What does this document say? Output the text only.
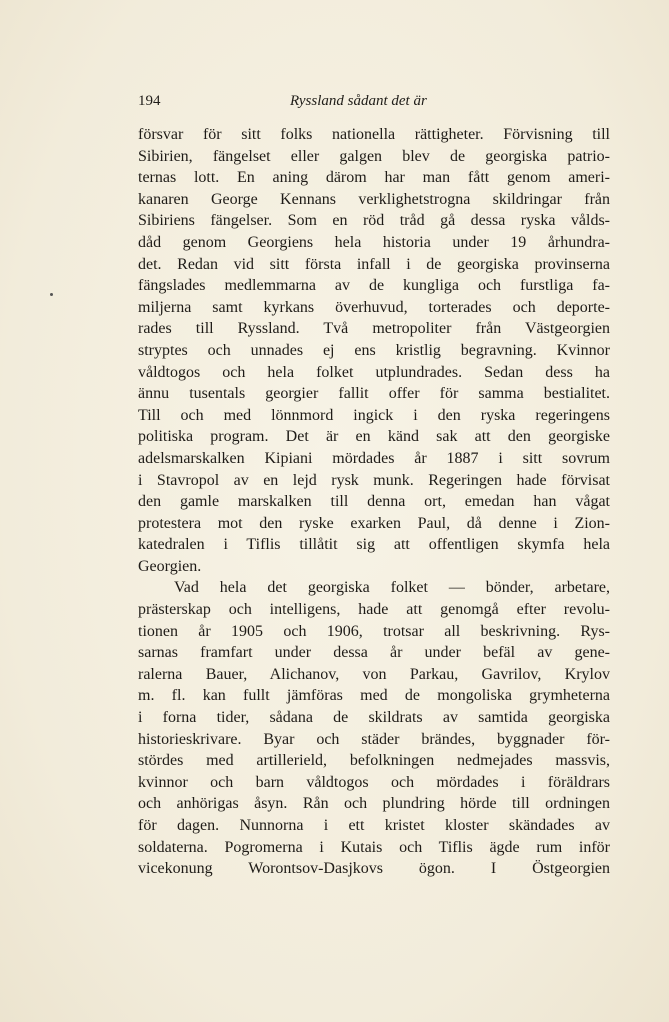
194	Ryssland sådant det är
försvar för sitt folks nationella rättigheter. Förvisning till
Sibirien, fängelset eller galgen blev de georgiska patrio-
ternas lott. En aning därom har man fått genom ameri-
kanaren George Kennans verklighetstrogna skildringar från
Sibiriens fängelser. Som en röd tråd gå dessa ryska vålds-
dåd genom Georgiens hela historia under 19 århundra-
det. Redan vid sitt första infall i de georgiska provinserna
fängslades medlemmarna av de kungliga och furstliga fa-
miljerna samt kyrkans överhuvud, torterades och deporte-
rades till Ryssland. Två metropoliter från Västgeorgien
stryptes och unnades ej ens kristlig begravning. Kvinnor
våldtogos och hela folket utplundrades. Sedan dess ha
ännu tusentals georgier fallit offer för samma bestialitet.
Till och med lönnmord ingick i den ryska regeringens
politiska program. Det är en känd sak att den georgiske
adelsmarskalken Kipiani mördades år 1887 i sitt sovrum
i Stavropol av en lejd rysk munk. Regeringen hade förvisat
den gamle marskalken till denna ort, emedan han vågat
protestera mot den ryske exarken Paul, då denne i Zion-
katedralen i Tiflis tillåtit sig att offentligen skymfa hela
Georgien.
Vad hela det georgiska folket — bönder, arbetare,
prästerskap och intelligens, hade att genomgå efter revolu-
tionen år 1905 och 1906, trotsar all beskrivning. Rys-
sarnas framfart under dessa år under befäl av gene-
ralerna Bauer, Alichanov, von Parkau, Gavrilov, Krylov
m. fl. kan fullt jämföras med de mongoliska grymheterna
i forna tider, sådana de skildrats av samtida georgiska
historieskrivare. Byar och städer brändes, byggnader för-
stördes med artillerield, befolkningen nedmejades massvis,
kvinnor och barn våldtogos och mördades i föräldrars
och anhörigas åsyn. Rån och plundring hörde till ordningen
för dagen. Nunnorna i ett kristet kloster skändades av
soldaterna. Pogromerna i Kutais och Tiflis ägde rum inför
vicekonung Worontsov-Dasjkovs ögon. I Östgeorgien
